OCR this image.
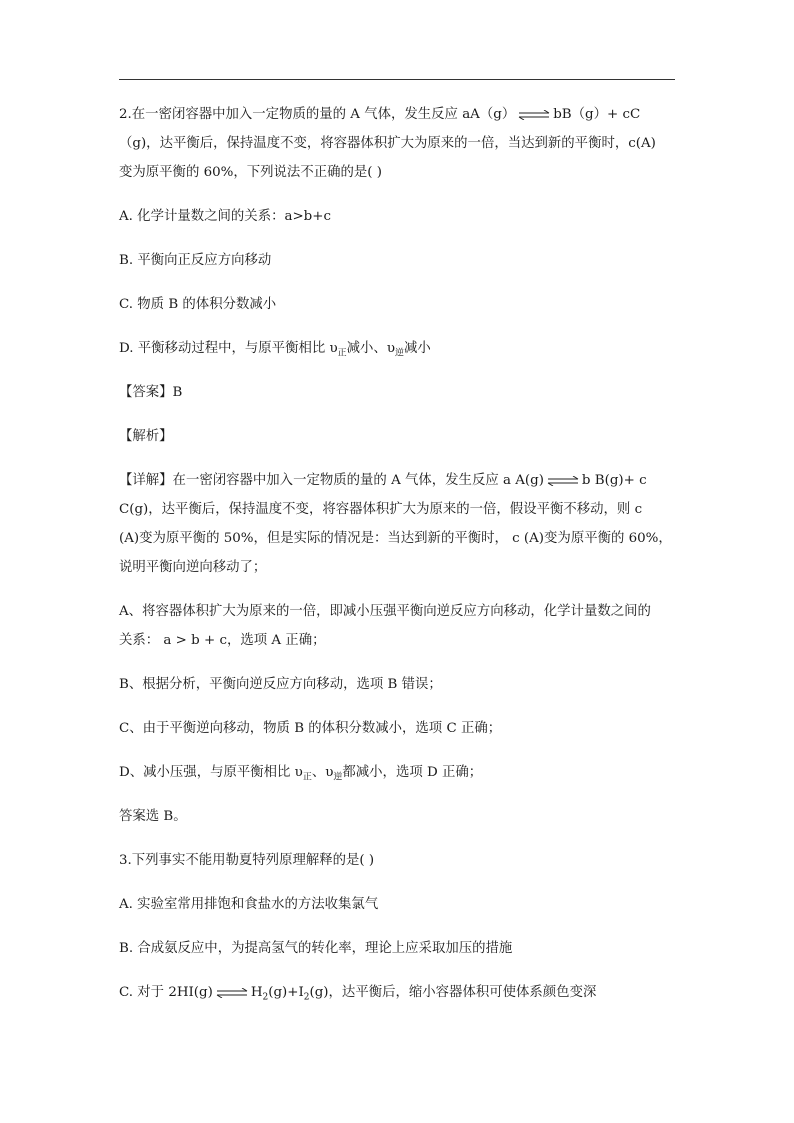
2.在一密闭容器中加入一定物质的量的 A 气体，发生反应 aA（g） ⇌ bB（g）+ cC

（g)，达平衡后，保持温度不变，将容器体积扩大为原来的一倍，当达到新的平衡时，c(A)

变为原平衡的 60%，下列说法不正确的是( )

A. 化学计量数之间的关系：a>b+c

B. 平衡向正反应方向移动

C. 物质 B 的体积分数减小

D. 平衡移动过程中，与原平衡相比 $\upsilon_正$减小、$\upsilon_逆$减小

【答案】B

【解析】

【详解】在一密闭容器中加入一定物质的量的 A 气体，发生反应 a A(g) ⇌ b B(g)+ c

C(g)，达平衡后，保持温度不变，将容器体积扩大为原来的一倍，假设平衡不移动，则 c

(A)变为原平衡的 50%，但是实际的情况是：当达到新的平衡时， c (A)变为原平衡的 60%，

说明平衡向逆向移动了；

A、将容器体积扩大为原来的一倍，即减小压强平衡向逆反应方向移动，化学计量数之间的

关系： a > b + c，选项 A 正确；

B、根据分析，平衡向逆反应方向移动，选项 B 错误；

C、由于平衡逆向移动，物质 B 的体积分数减小，选项 C 正确；

D、减小压强，与原平衡相比 $\upsilon_正$、$\upsilon_逆$都减小，选项 D 正确；

答案选 B。

3.下列事实不能用勒夏特列原理解释的是( )

A. 实验室常用排饱和食盐水的方法收集氯气

B. 合成氨反应中，为提高氢气的转化率，理论上应采取加压的措施

C. 对于 2HI(g) ⇌ $H_2(g)+I_2(g)$，达平衡后，缩小容器体积可使体系颜色变深
